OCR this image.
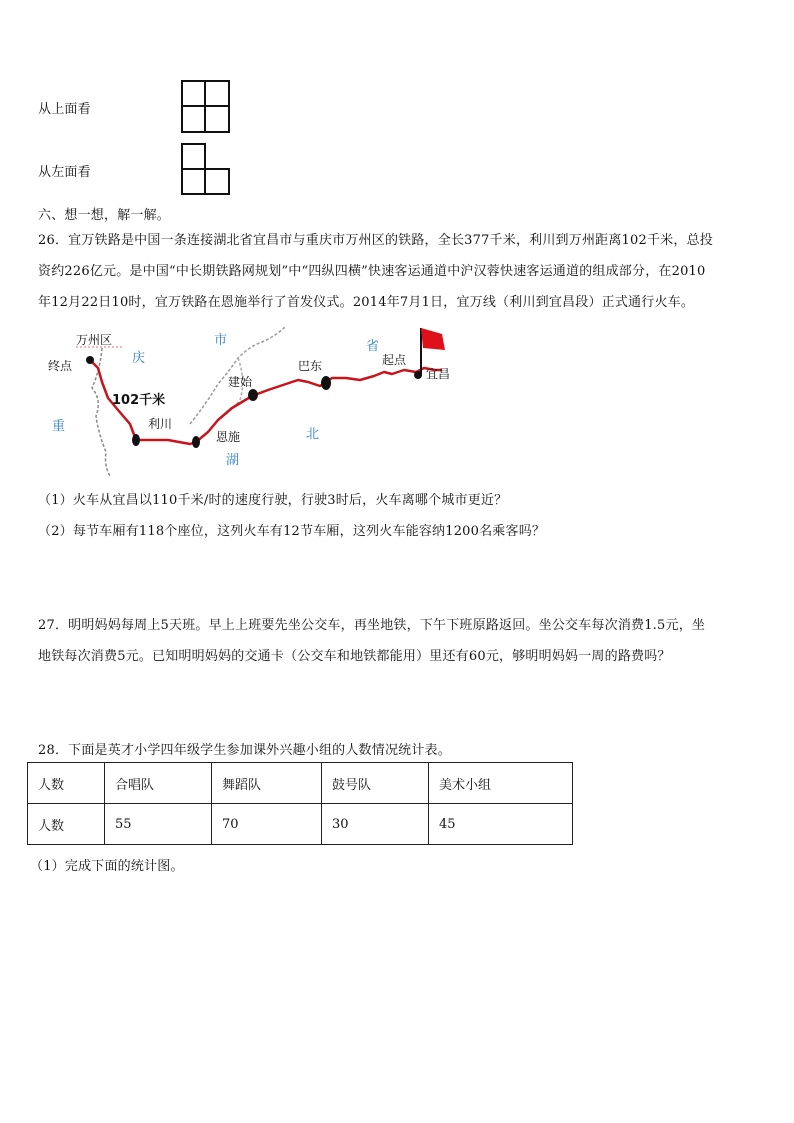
从上面看
从左面看
六、想一想，解一解。
26．宜万铁路是中国一条连接湖北省宜昌市与重庆市万州区的铁路，全长377千米，利川到万州距离102千米，总投
资约226亿元。是中国“中长期铁路网规划”中“四纵四横”快速客运通道中沪汉蓉快速客运通道的组成部分，在2010
年12月22日10时，宜万铁路在恩施举行了首发仪式。2014年7月1日，宜万线（利川到宜昌段）正式通行火车。
万州区
终点
102千米
利川
恩施
建始
巴东	起点
宜昌
庆
市	省
北
湖
重
（1）火车从宜昌以110千米/时的速度行驶，行驶3时后，火车离哪个城市更近？
（2）每节车厢有118个座位，这列火车有12节车厢，这列火车能容纳1200名乘客吗？
27．明明妈妈每周上5天班。早上上班要先坐公交车，再坐地铁，下午下班原路返回。坐公交车每次消费1.5元，坐
地铁每次消费5元。已知明明妈妈的交通卡（公交车和地铁都能用）里还有60元，够明明妈妈一周的路费吗？
28．下面是英才小学四年级学生参加课外兴趣小组的人数情况统计表。
人数	合唱队	舞蹈队	鼓号队	美术小组
人数	55	70	30	45
（1）完成下面的统计图。
